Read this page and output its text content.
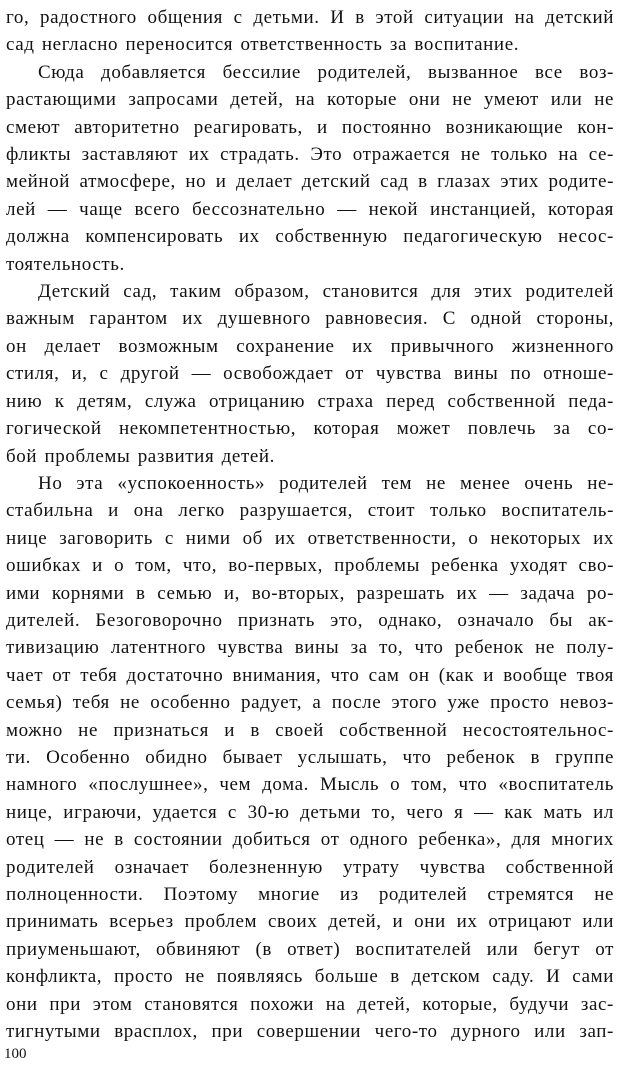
го, радостного общения с детьми. И в этой ситуации на детский
сад негласно переносится ответственность за воспитание.
Сюда добавляется бессилие родителей, вызванное все воз-
растающими запросами детей, на которые они не умеют или не
смеют авторитетно реагировать, и постоянно возникающие кон-
фликты заставляют их страдать. Это отражается не только на се-
мейной атмосфере, но и делает детский сад в глазах этих родите-
лей — чаще всего бессознательно — некой инстанцией, которая
должна компенсировать их собственную педагогическую несос-
тоятельность.
Детский сад, таким образом, становится для этих родителей
важным гарантом их душевного равновесия. С одной стороны,
он делает возможным сохранение их привычного жизненного
стиля, и, с другой — освобождает от чувства вины по отноше-
нию к детям, служа отрицанию страха перед собственной педа-
гогической некомпетентностью, которая может повлечь за со-
бой проблемы развития детей.
Но эта «успокоенность» родителей тем не менее очень не-
стабильна и она легко разрушается, стоит только воспитатель-
нице заговорить с ними об их ответственности, о некоторых их
ошибках и о том, что, во-первых, проблемы ребенка уходят сво-
ими корнями в семью и, во-вторых, разрешать их — задача ро-
дителей. Безоговорочно признать это, однако, означало бы ак-
тивизацию латентного чувства вины за то, что ребенок не полу-
чает от тебя достаточно внимания, что сам он (как и вообще твоя
семья) тебя не особенно радует, а после этого уже просто невоз-
можно не признаться и в своей собственной несостоятельнос-
ти. Особенно обидно бывает услышать, что ребенок в группе
намного «послушнее», чем дома. Мысль о том, что «воспитатель
нице, играючи, удается с 30-ю детьми то, чего я — как мать ил
отец — не в состоянии добиться от одного ребенка», для многих
родителей означает болезненную утрату чувства собственной
полноценности. Поэтому многие из родителей стремятся не
принимать всерьез проблем своих детей, и они их отрицают или
приуменьшают, обвиняют (в ответ) воспитателей или бегут от
конфликта, просто не появляясь больше в детском саду. И сами
они при этом становятся похожи на детей, которые, будучи зас-
тигнутыми врасплох, при совершении чего-то дурного или зап-
100
